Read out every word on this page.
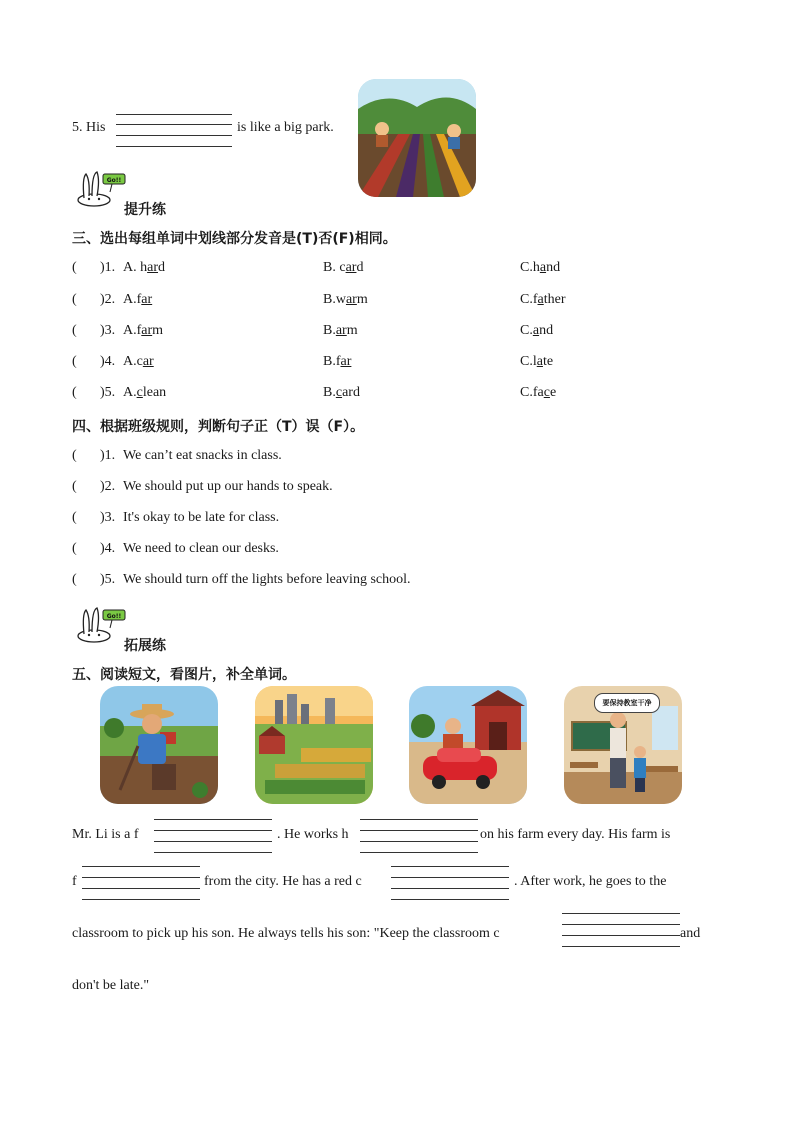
5. His	is like a big park.
Go!!
提升练
三、选出每组单词中划线部分发音是(T)否(F)相同。
( )1. A. hard	B. card	C.hand
( )2. A.far	B.warm	C.father
( )3. A.farm	B.arm	C.and
( )4. A.car	B.far	C.late
( )5. A.clean	B.card	C.face
四、根据班级规则，判断句子正（T）误（F）。
( )1. We can’t eat snacks in class.
( )2. We should put up our hands to speak.
( )3. It's okay to be late for class.
( )4. We need to clean our desks.
( )5. We should turn off the lights before leaving school.
Go!!
拓展练
五、阅读短文，看图片，补全单词。
要保持教室干净
Mr. Li is a f	. He works h	on his farm every day. His farm is
f	from the city. He has a red c	. After work, he goes to the
classroom to pick up his son. He always tells his son: "Keep the classroom c	and
don't be late."
